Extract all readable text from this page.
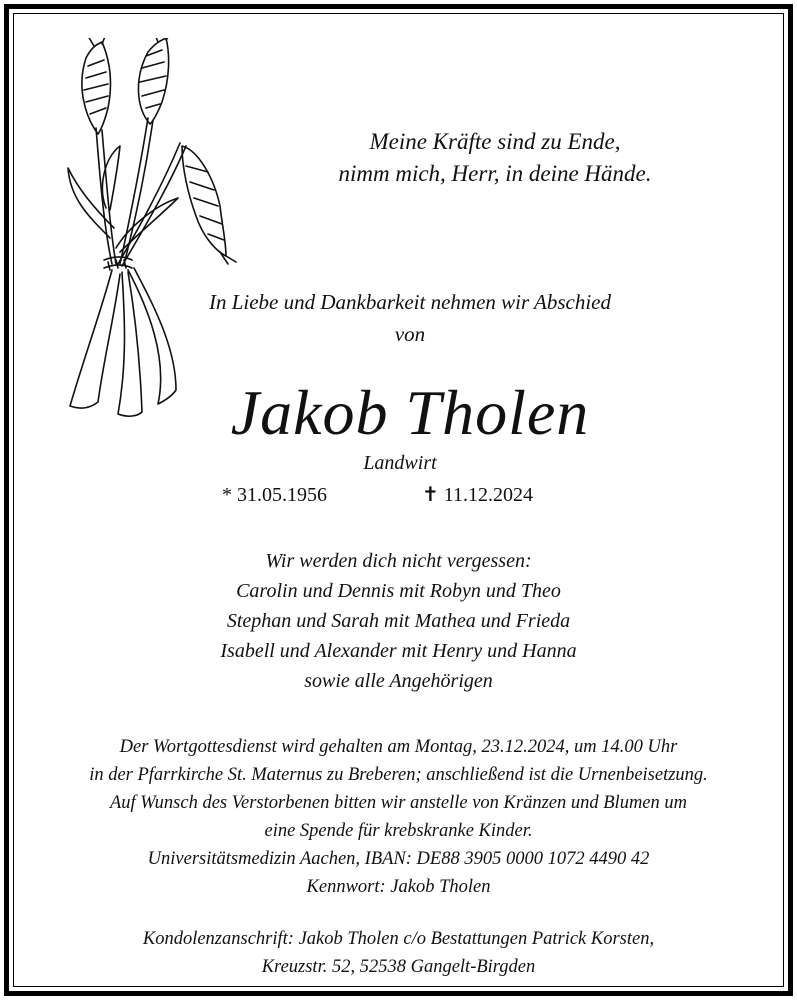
Meine Kräfte sind zu Ende,
nimm mich, Herr, in deine Hände.
In Liebe und Dankbarkeit nehmen wir Abschied
von
Jakob Tholen
Landwirt
* 31.05.1956	✝ 11.12.2024
Wir werden dich nicht vergessen:
Carolin und Dennis mit Robyn und Theo
Stephan und Sarah mit Mathea und Frieda
Isabell und Alexander mit Henry und Hanna
sowie alle Angehörigen
Der Wortgottesdienst wird gehalten am Montag, 23.12.2024, um 14.00 Uhr
in der Pfarrkirche St. Maternus zu Breberen; anschließend ist die Urnenbeisetzung.
Auf Wunsch des Verstorbenen bitten wir anstelle von Kränzen und Blumen um
eine Spende für krebskranke Kinder.
Universitätsmedizin Aachen, IBAN: DE88 3905 0000 1072 4490 42
Kennwort: Jakob Tholen
Kondolenzanschrift: Jakob Tholen c/o Bestattungen Patrick Korsten,
Kreuzstr. 52, 52538 Gangelt-Birgden
